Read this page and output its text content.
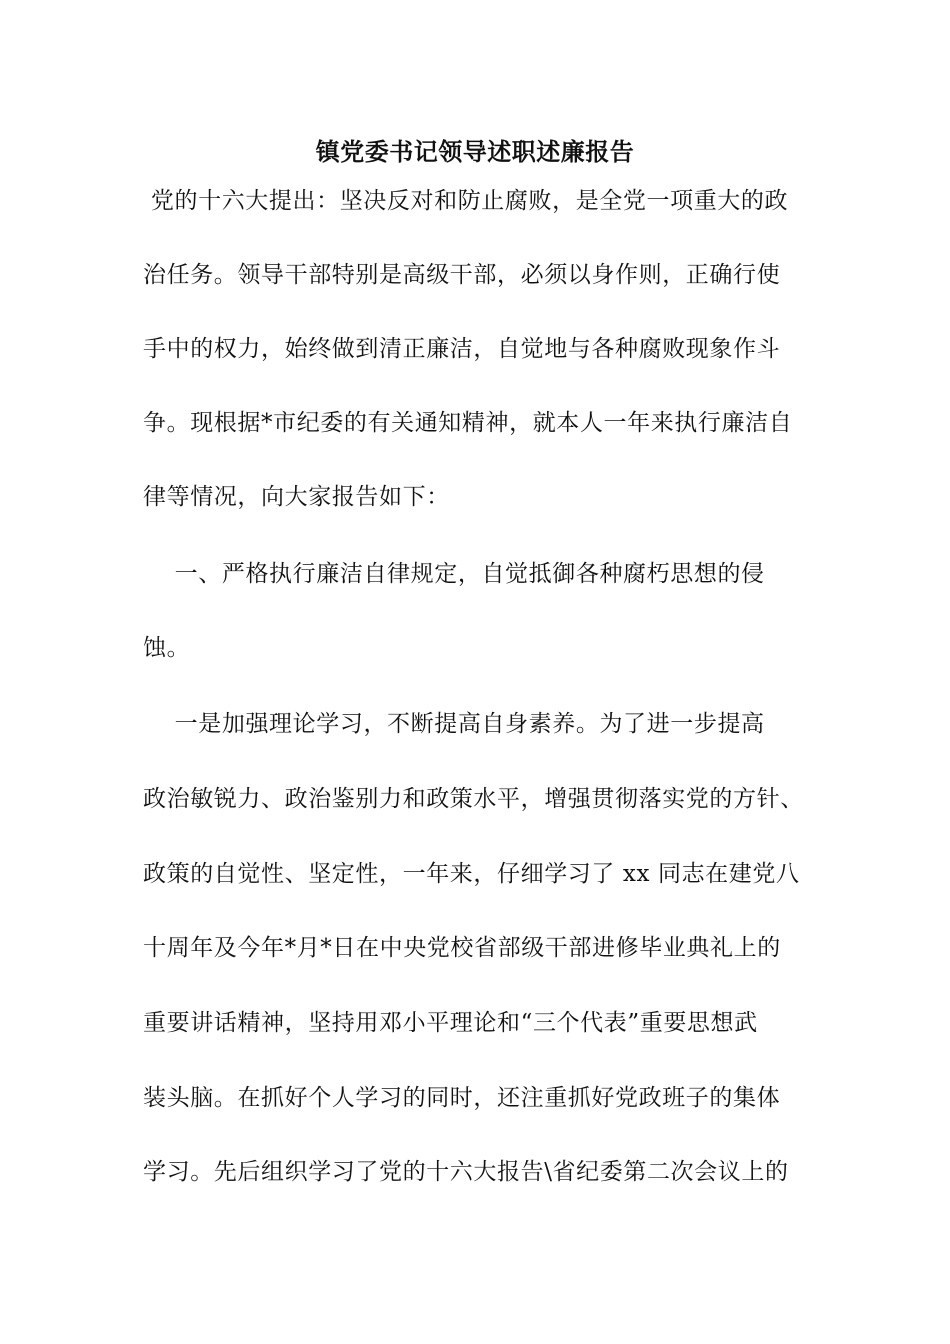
镇党委书记领导述职述廉报告
党的十六大提出：坚决反对和防止腐败，是全党一项重大的政
治任务。领导干部特别是高级干部，必须以身作则，正确行使
手中的权力，始终做到清正廉洁，自觉地与各种腐败现象作斗
争。现根据*市纪委的有关通知精神，就本人一年来执行廉洁自
律等情况，向大家报告如下：
一、严格执行廉洁自律规定，自觉抵御各种腐朽思想的侵
蚀。
一是加强理论学习，不断提高自身素养。为了进一步提高
政治敏锐力、政治鉴别力和政策水平，增强贯彻落实党的方针、
政策的自觉性、坚定性，一年来，仔细学习了 xx 同志在建党八
十周年及今年*月*日在中央党校省部级干部进修毕业典礼上的
重要讲话精神，坚持用邓小平理论和“三个代表”重要思想武
装头脑。在抓好个人学习的同时，还注重抓好党政班子的集体
学习。先后组织学习了党的十六大报告\省纪委第二次会议上的
